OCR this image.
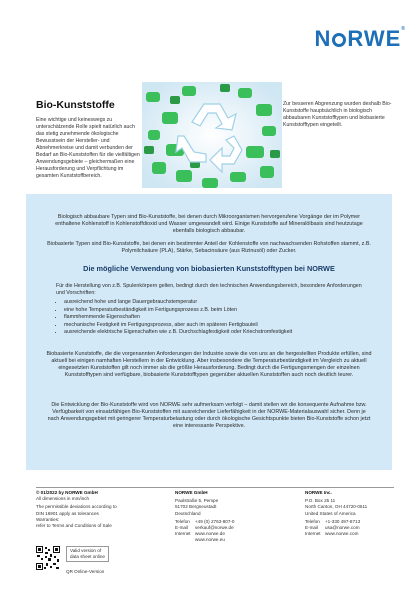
N RWE®
Bio-Kunststoffe
Eine wichtige und keineswegs zu unterschätzende Rolle spielt natürlich auch das stetig zunehmende ökologische Bewusstsein der Hersteller- und Abnehmerkreise und damit verbunden der Bedarf an Bio-Kunststoffen für die vielfältigen Anwendungsgebiete – gleichermaßen eine Herausforderung und Verpflichtung im gesamten Kunststoffbereich.
Zur besseren Abgrenzung wurden deshalb Bio-Kunststoffe hauptsächlich in biologisch abbaubaren Kunststofftypen und biobasierte Kunststofftypen eingeteilt.

Biologisch abbaubare Typen sind Bio-Kunststoffe, bei denen durch Mikroorganismen hervorgerufene Vorgänge der im Polymer enthaltene Kohlenstoff in Kohlenstoffdioxid und Wasser umgewandelt wird. Einige Kunststoffe auf Mineralölbasis sind heutzutage ebenfalls biologisch abbaubar.

Biobasierte Typen sind Bio-Kunststoffe, bei denen ein bestimmter Anteil der Kohlenstoffe von nachwachsenden Rohstoffen stammt, z.B. Polymilchsäure (PLA), Stärke, Sebacinsäure (aus Rizinusöl) oder Zucker.

Die mögliche Verwendung von biobasierten Kunststofftypen bei NORWE
Für die Herstellung von z.B. Spulenkörpern gelten, bedingt durch den technischen Anwendungsbereich, besondere Anforderungen und Vorschriften:
• ausreichend hohe und lange Dauergebrauchstemperatur
• eine hohe Temperaturbeständigkeit im Fertigungsprozess z.B. beim Löten
• flammhemmende Eigenschaften
• mechanische Festigkeit im Fertigungsprozess, aber auch im späteren Fertigbauteil
• ausreichende elektrische Eigenschaften wie z.B. Durchschlagfestigkeit oder Kriechstromfestigkeit

Biobasierte Kunststoffe, die die vorgenannten Anforderungen der Industrie sowie die von uns an die hergestellten Produkte erfüllen, sind aktuell bei einigen namhaften Herstellern in der Entwicklung. Aber insbesondere die Temperaturbeständigkeit im Vergleich zu aktuell eingesetzten Kunststoffen gilt noch immer als die größte Herausforderung. Bedingt durch die Fertigungsmengen der einzelnen Kunststofftypen sind verfügbare, biobasierte Kunststofftypen gegenüber aktuellen Kunststoffen auch noch deutlich teurer.

Die Entwicklung der Bio-Kunststoffe wird von NORWE sehr aufmerksam verfolgt – damit stellen wir die konsequente Aufnahme bzw. Verfügbarkeit von einsatzfähigen Bio-Kunststoffen mit ausreichender Lieferfähigkeit in der NORWE-Materialauswahl sicher. Denn je nach Anwendungsgebiet mit geringerer Temperaturbelastung oder durch ökologische Gesichtspunkte bieten Bio-Kunststoffe schon jetzt eine interessante Perspektive.

© 01/2022 by NORWE GmbH
All dimensions in mm/inch
The permissible deviations according to
DIN 16901 apply as tolerances
Warranties:
refer to Terms and Conditions of Sale
Valid version of
data sheet online
QR Online-Version
NORWE GmbH
Paulstraße 5, Pempe
51702 Bergneustadt
Deutschland
Telefon +49 (0) 2763-807-0
E-mail verkauf@norwe.de
Internet www.norwe.de
www.norwe.eu
NORWE Inc.
P.O. Box 25 11
North Canton, OH 44720-0511
United States of America
Telefon +1-330 497-8713
E-mail usa@norwe.com
Internet www.norwe.com
